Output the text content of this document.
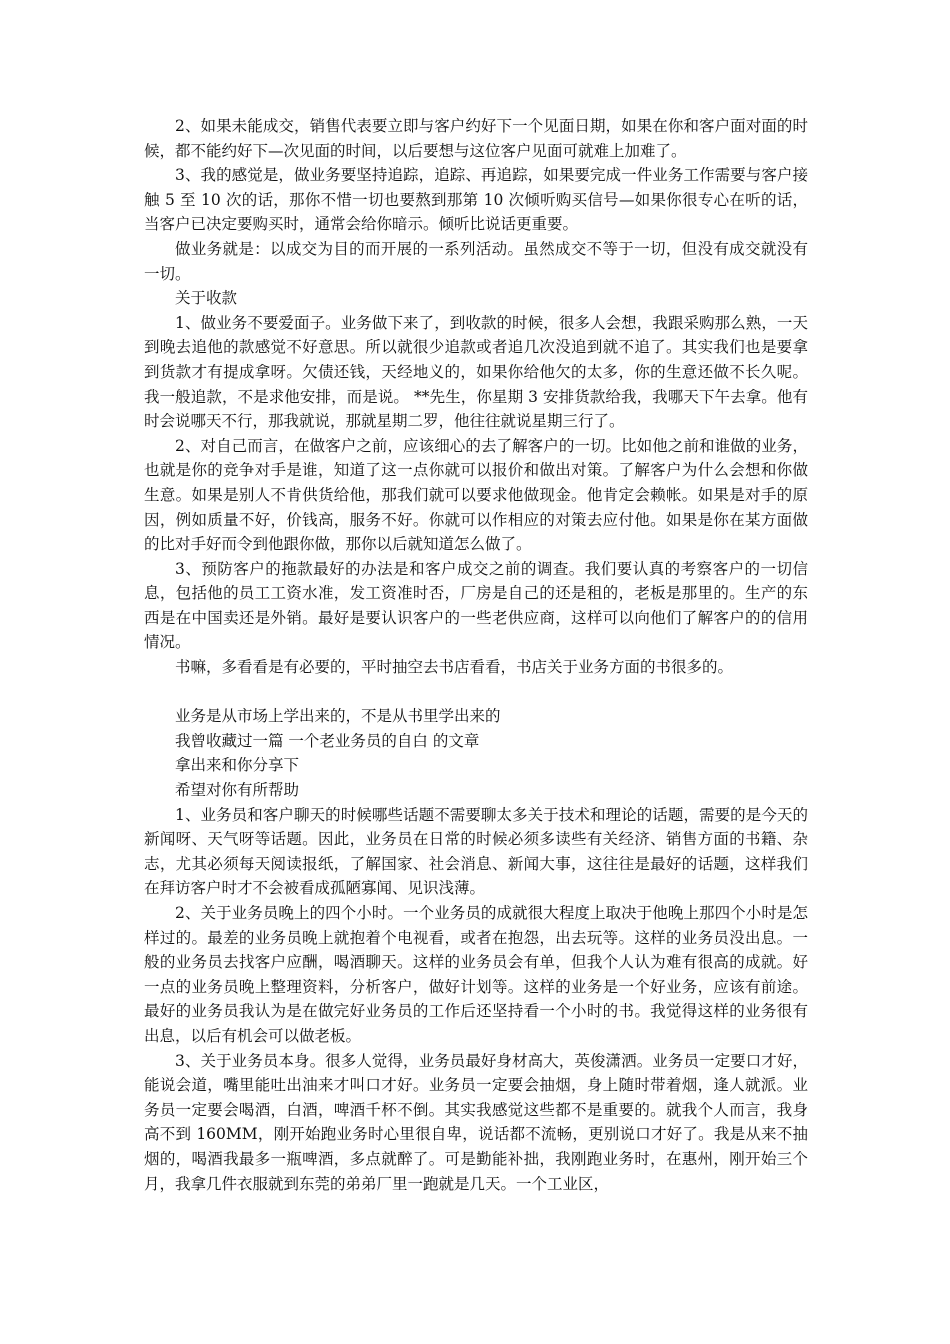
2、如果未能成交，销售代表要立即与客户约好下一个见面日期，如果在你和客户面对面的时候，都不能约好下—次见面的时间，以后要想与这位客户见面可就难上加难了。

3、我的感觉是，做业务要坚持追踪，追踪、再追踪，如果要完成一件业务工作需要与客户接触 5 至 10 次的话，那你不惜一切也要熬到那第 10 次倾听购买信号—如果你很专心在听的话，当客户已决定要购买时，通常会给你暗示。倾听比说话更重要。

做业务就是：以成交为目的而开展的一系列活动。虽然成交不等于一切，但没有成交就没有一切。

关于收款

1、做业务不要爱面子。业务做下来了，到收款的时候，很多人会想，我跟采购那么熟，一天到晚去追他的款感觉不好意思。所以就很少追款或者追几次没追到就不追了。其实我们也是要拿到货款才有提成拿呀。欠债还钱，天经地义的，如果你给他欠的太多，你的生意还做不长久呢。我一般追款，不是求他安排，而是说。 **先生，你星期 3 安排货款给我，我哪天下午去拿。他有时会说哪天不行，那我就说，那就星期二罗，他往往就说星期三行了。

2、对自己而言，在做客户之前，应该细心的去了解客户的一切。比如他之前和谁做的业务，也就是你的竞争对手是谁，知道了这一点你就可以报价和做出对策。了解客户为什么会想和你做生意。如果是别人不肯供货给他，那我们就可以要求他做现金。他肯定会赖帐。如果是对手的原因，例如质量不好，价钱高，服务不好。你就可以作相应的对策去应付他。如果是你在某方面做的比对手好而令到他跟你做，那你以后就知道怎么做了。

3、预防客户的拖款最好的办法是和客户成交之前的调查。我们要认真的考察客户的一切信息，包括他的员工工资水准，发工资准时否，厂房是自己的还是租的，老板是那里的。生产的东西是在中国卖还是外销。最好是要认识客户的一些老供应商，这样可以向他们了解客户的的信用情况。

书嘛，多看看是有必要的，平时抽空去书店看看，书店关于业务方面的书很多的。

业务是从市场上学出来的，不是从书里学出来的

我曾收藏过一篇 一个老业务员的自白 的文章

拿出来和你分享下

希望对你有所帮助

1、业务员和客户聊天的时候哪些话题不需要聊太多关于技术和理论的话题，需要的是今天的新闻呀、天气呀等话题。因此，业务员在日常的时候必须多读些有关经济、销售方面的书籍、杂志，尤其必须每天阅读报纸，了解国家、社会消息、新闻大事，这往往是最好的话题，这样我们在拜访客户时才不会被看成孤陋寡闻、见识浅薄。

2、关于业务员晚上的四个小时。一个业务员的成就很大程度上取决于他晚上那四个小时是怎样过的。最差的业务员晚上就抱着个电视看，或者在抱怨，出去玩等。这样的业务员没出息。一般的业务员去找客户应酬，喝酒聊天。这样的业务员会有单，但我个人认为难有很高的成就。好一点的业务员晚上整理资料，分析客户，做好计划等。这样的业务是一个好业务，应该有前途。最好的业务员我认为是在做完好业务员的工作后还坚持看一个小时的书。我觉得这样的业务很有出息，以后有机会可以做老板。

3、关于业务员本身。很多人觉得，业务员最好身材高大，英俊潇洒。业务员一定要口才好，能说会道，嘴里能吐出油来才叫口才好。业务员一定要会抽烟，身上随时带着烟，逢人就派。业务员一定要会喝酒，白酒，啤酒千杯不倒。其实我感觉这些都不是重要的。就我个人而言，我身高不到 160MM，刚开始跑业务时心里很自卑，说话都不流畅，更别说口才好了。我是从来不抽烟的，喝酒我最多一瓶啤酒，多点就醉了。可是勤能补拙，我刚跑业务时，在惠州，刚开始三个月，我拿几件衣服就到东莞的弟弟厂里一跑就是几天。一个工业区，
